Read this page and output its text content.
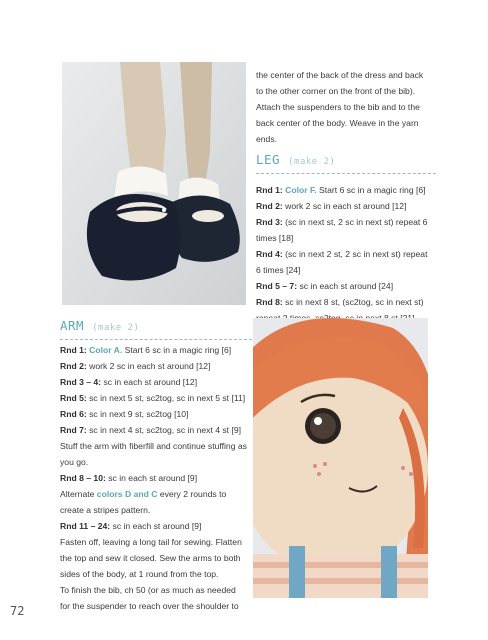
the center of the back of the dress and back

to the other corner on the front of the bib).

Attach the suspenders to the bib and to the

back center of the body. Weave in the yarn

ends.

LEG (make 2)

Rnd 1: Color F. Start 6 sc in a magic ring [6]

Rnd 2: work 2 sc in each st around [12]

Rnd 3: (sc in next st, 2 sc in next st) repeat 6 times [18]

Rnd 4: (sc in next 2 st, 2 sc in next st) repeat 6 times [24]

Rnd 5 – 7: sc in each st around [24]

Rnd 8: sc in next 8 st, (sc2tog, sc in next st)

ARM (make 2)

Rnd 1: Color A. Start 6 sc in a magic ring [6]

Rnd 2: work 2 sc in each st around [12]

Rnd 3 – 4: sc in each st around [12]

Rnd 5: sc in next 5 st, sc2tog, sc in next 5 st [11]

Rnd 6: sc in next 9 st, sc2tog [10]

Rnd 7: sc in next 4 st, sc2tog, sc in next 4 st [9]

Stuff the arm with fiberfill and continue stuffing as you go.

Rnd 8 – 10: sc in each st around [9]

Alternate colors D and C every 2 rounds to create a stripes pattern.

Rnd 11 – 24: sc in each st around [9]

Fasten off, leaving a long tail for sewing. Flatten the top and sew it closed. Sew the arms to both sides of the body, at 1 round from the top.

To finish the bib, ch 50 (or as much as needed for the suspender to reach over the shoulder to

72
